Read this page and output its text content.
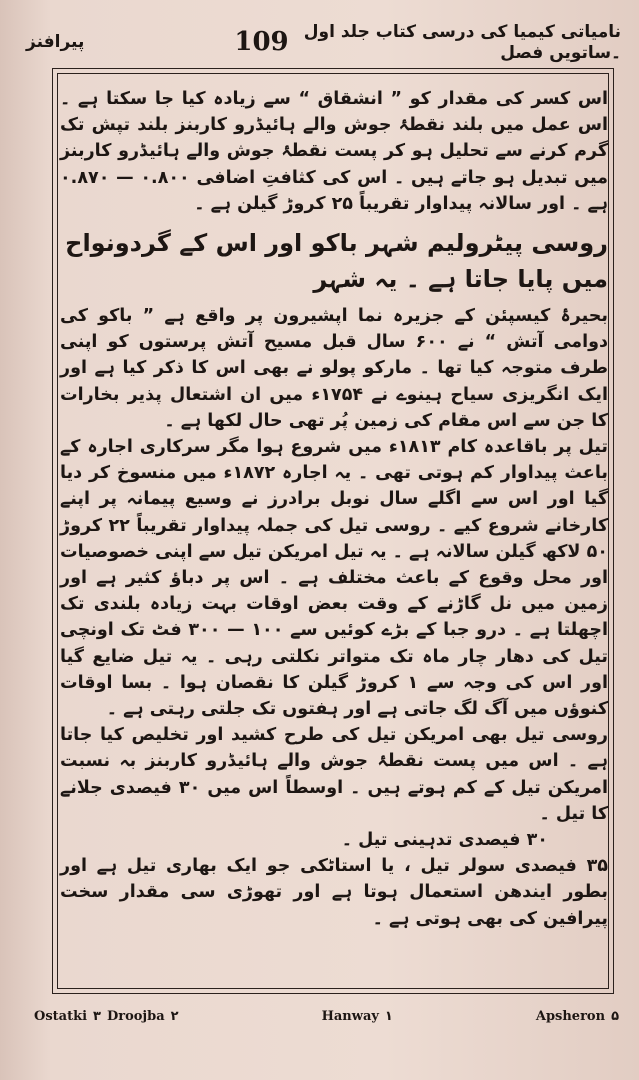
پیرافنز	109 نامیاتی کیمیا کی درسی کتاب جلد اول ۔ساتویں فصل

اس کسر کی مقدار کو ” انشقاق “ سے زیادہ کیا جا سکتا ہے ۔ اس عمل میں بلند نقطۂ جوش والے ہائیڈرو کاربنز بلند تپش تک گرم کرنے سے تحلیل ہو کر پست نقطۂ جوش والے ہائیڈرو کاربنز میں تبدیل ہو جاتے ہیں ۔ اس کی کثافتِ اضافی ۰.۸۰۰ — ۰.۸۷۰ ہے ۔ اور سالانہ پیداوار تقریباً ۲۵ کروڑ گیلن ہے ۔

روسی پیٹرولیم شہر باکو اور اس کے گردونواح میں پایا جاتا ہے ۔ یہ شہر

بحیرۂ کیسپئن کے جزیرہ نما اپشیرون پر واقع ہے ” باکو کی دوامی آتش “ نے ۶۰۰ سال قبل مسیح آتش پرستوں کو اپنی طرف متوجہ کیا تھا ۔ مارکو پولو نے بھی اس کا ذکر کیا ہے اور ایک انگریزی سیاح ہینوے نے ۱۷۵۴ء میں ان اشتعال پذیر بخارات کا جن سے اس مقام کی زمین پُر تھی حال لکھا ہے ۔

تیل پر باقاعدہ کام ۱۸۱۳ء میں شروع ہوا مگر سرکاری اجارہ کے باعث پیداوار کم ہوتی تھی ۔ یہ اجارہ ۱۸۷۲ء میں منسوخ کر دیا گیا اور اس سے اگلے سال نوبل برادرز نے وسیع پیمانہ پر اپنے کارخانے شروع کیے ۔ روسی تیل کی جملہ پیداوار تقریباً ۲۲ کروڑ ۵۰ لاکھ گیلن سالانہ ہے ۔ یہ تیل امریکن تیل سے اپنی خصوصیات اور محل وقوع کے باعث مختلف ہے ۔ اس پر دباؤ کثیر ہے اور زمین میں نل گاڑنے کے وقت بعض اوقات بہت زیادہ بلندی تک اچھلتا ہے ۔ درو جبا کے بڑے کوئیں سے ۱۰۰ — ۳۰۰ فٹ تک اونچی تیل کی دھار چار ماہ تک متواتر نکلتی رہی ۔ یہ تیل ضایع گیا اور اس کی وجہ سے ۱ کروڑ گیلن کا نقصان ہوا ۔ بسا اوقات کنوؤں میں آگ لگ جاتی ہے اور ہفتوں تک جلتی رہتی ہے ۔

روسی تیل بھی امریکن تیل کی طرح کشید اور تخلیص کیا جاتا ہے ۔ اس میں پست نقطۂ جوش والے ہائیڈرو کاربنز بہ نسبت امریکن تیل کے کم ہوتے ہیں ۔ اوسطاً اس میں ۳۰ فیصدی جلانے کا تیل ۔

۳۰ فیصدی تدہینی تیل ۔

۳۵ فیصدی سولر تیل ، یا استاٹکی جو ایک بھاری تیل ہے اور بطور ایندھن استعمال ہوتا ہے اور تھوڑی سی مقدار سخت پیرافین کی بھی ہوتی ہے ۔

Ostatki ۳ Droojba ۲	Hanway ۱	Apsheron ۵
